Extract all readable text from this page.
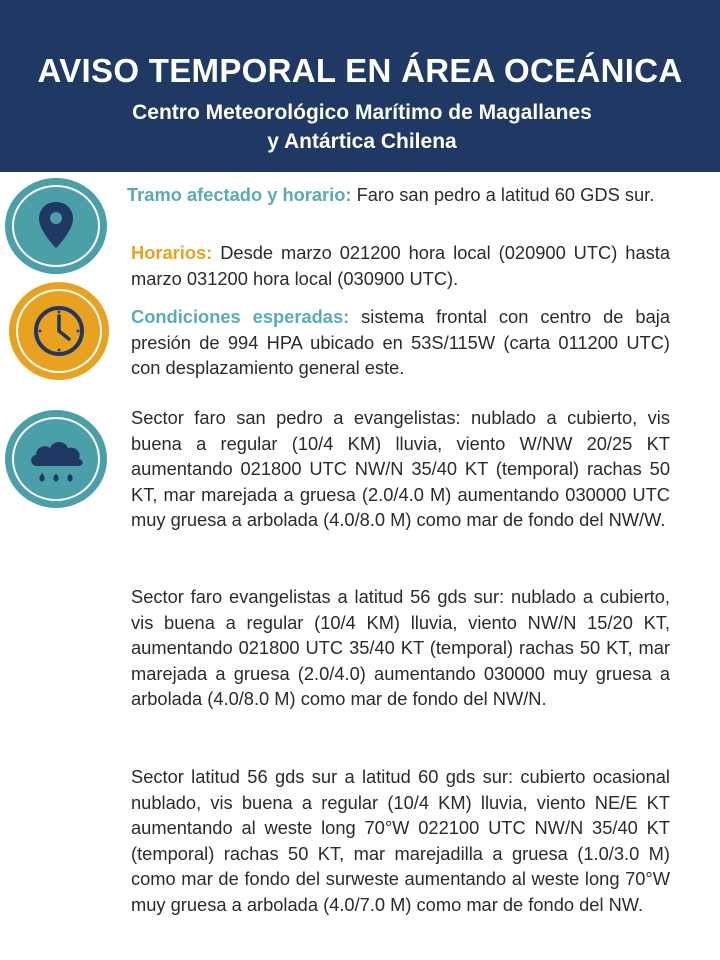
AVISO TEMPORAL EN ÁREA OCEÁNICA
Centro Meteorológico Marítimo de Magallanes
y Antártica Chilena

Tramo afectado y horario: Faro san pedro a latitud 60 GDS sur.

Horarios: Desde marzo 021200 hora local (020900 UTC) hasta marzo 031200 hora local (030900 UTC).

Condiciones esperadas: sistema frontal con centro de baja presión de 994 HPA ubicado en 53S/115W (carta 011200 UTC) con desplazamiento general este.

Sector faro san pedro a evangelistas: nublado a cubierto, vis buena a regular (10/4 KM) lluvia, viento W/NW 20/25 KT aumentando 021800 UTC NW/N 35/40 KT (temporal) rachas 50 KT, mar marejada a gruesa (2.0/4.0 M) aumentando 030000 UTC muy gruesa a arbolada (4.0/8.0 M) como mar de fondo del NW/W.

Sector faro evangelistas a latitud 56 gds sur: nublado a cubierto, vis buena a regular (10/4 KM) lluvia, viento NW/N 15/20 KT, aumentando 021800 UTC 35/40 KT (temporal) rachas 50 KT, mar marejada a gruesa (2.0/4.0) aumentando 030000 muy gruesa a arbolada (4.0/8.0 M) como mar de fondo del NW/N.

Sector latitud 56 gds sur a latitud 60 gds sur: cubierto ocasional nublado, vis buena a regular (10/4 KM) lluvia, viento NE/E KT aumentando al weste long 70°W 022100 UTC NW/N 35/40 KT (temporal) rachas 50 KT, mar marejadilla a gruesa (1.0/3.0 M) como mar de fondo del surweste aumentando al weste long 70°W muy gruesa a arbolada (4.0/7.0 M) como mar de fondo del NW.
